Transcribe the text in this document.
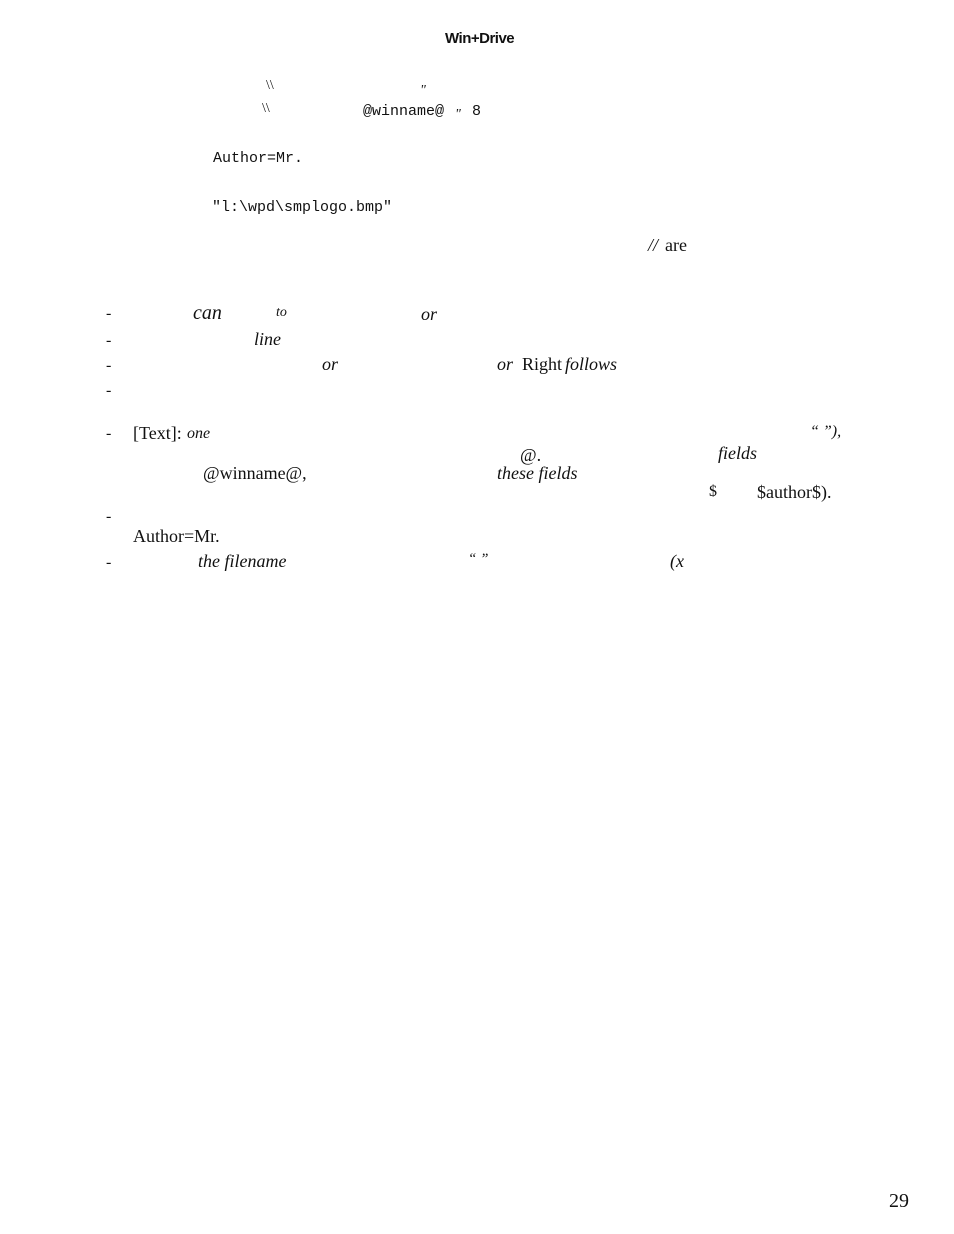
Win+Drive
\\	"
\\	@winname@ " 8
Author=Mr.
"l:\wpd\smplogo.bmp"
// are
-	can	to	or
-	line
-	or	or Right follows
-
- [Text]: one	“ ”),
@.	fields
@winname@,	these fields
$ $author$).
-
Author=Mr.
-	the filename	“ ”	(x
29
